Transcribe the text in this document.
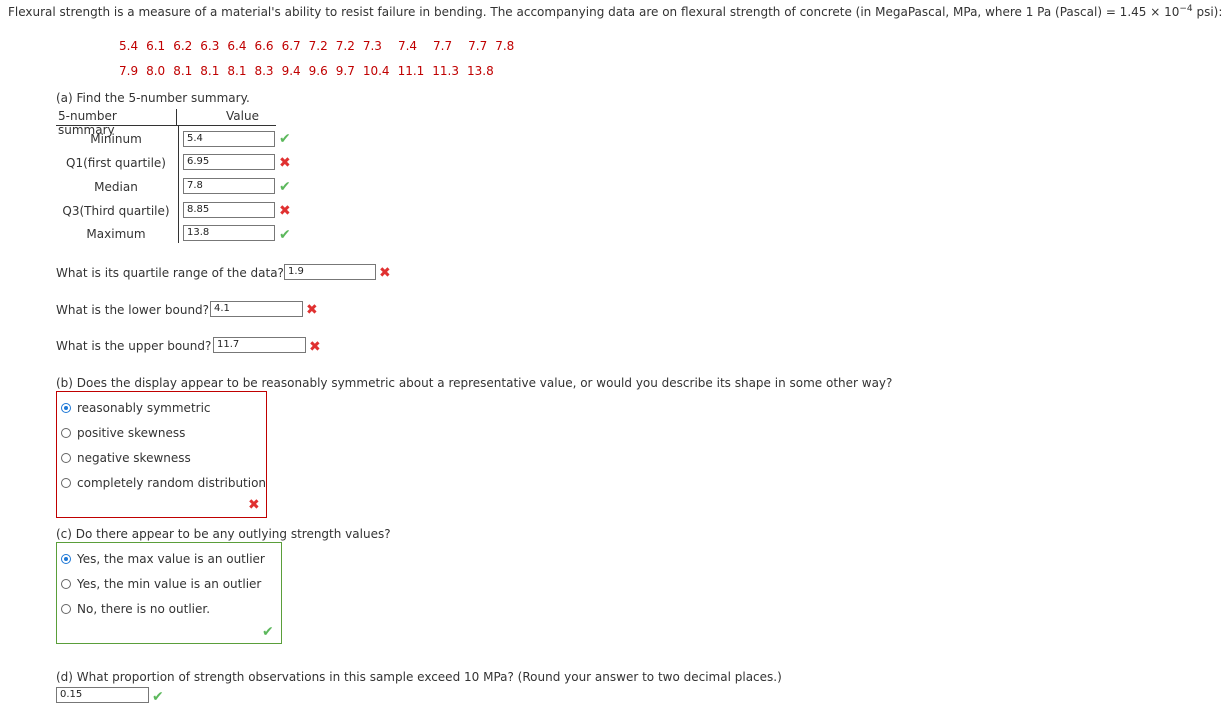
Flexural strength is a measure of a material's ability to resist failure in bending. The accompanying data are on flexural strength of concrete (in MegaPascal, MPa, where 1 Pa (Pascal) = $1.45 \times 10^{-4}$ psi):
5.4 6.1 6.2 6.3 6.4 6.6 6.7 7.2 7.2 7.3 7.4 7.7 7.7 7.8
7.9 8.0 8.1 8.1 8.1 8.3 9.4 9.6 9.7 10.4 11.1 11.3 13.8
(a) Find the 5-number summary.
5-number summary
Value
Mininum	5.4	✔
Q1(first quartile)	6.95	✖
Median	7.8	✔
Q3(Third quartile)	8.85	✖
Maximum	13.8	✔
What is its quartile range of the data? 1.9	✖
What is the lower bound? 4.1	✖
What is the upper bound? 11.7	✖
(b) Does the display appear to be reasonably symmetric about a representative value, or would you describe its shape in some other way?
reasonably symmetric
positive skewness
negative skewness
completely random distribution
✖
(c) Do there appear to be any outlying strength values?
Yes, the max value is an outlier
Yes, the min value is an outlier
No, there is no outlier.
✔
(d) What proportion of strength observations in this sample exceed 10 MPa? (Round your answer to two decimal places.)
0.15	✔
